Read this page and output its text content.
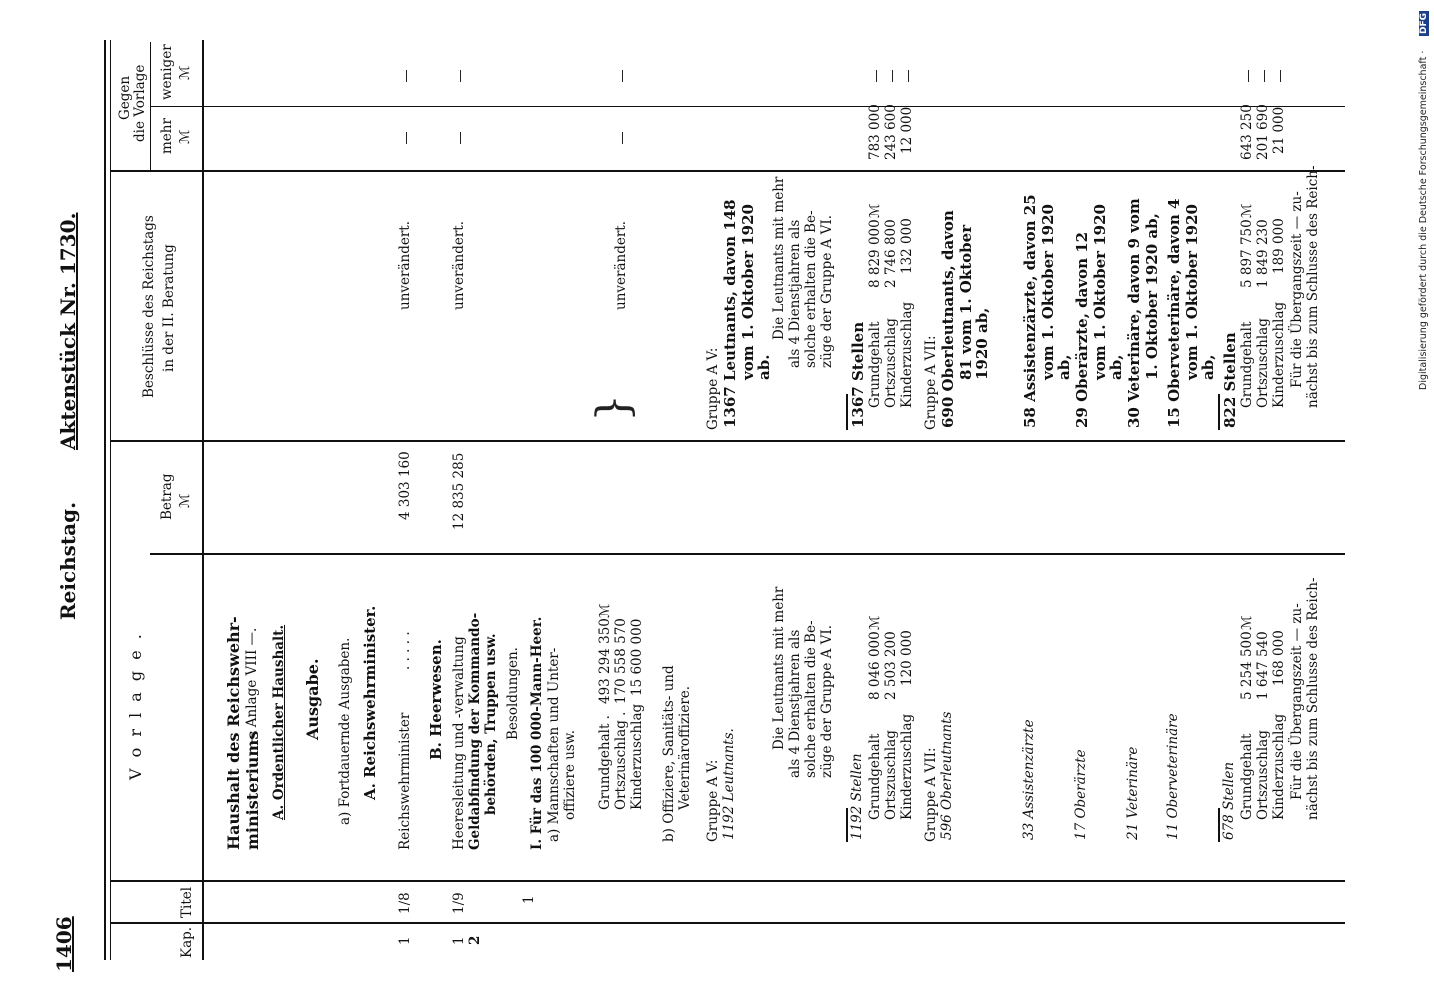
1406
Reichstag.
Aktenstück Nr. 1730.
Kap.
Titel
V o r l a g e .
Betrag ℳ
Beschlüsse des Reichstags in der II. Beratung
Gegen die Vorlage mehr ℳ
weniger ℳ
Haushalt des Reichswehr- ministeriums
— Anlage VIII —. A. Ordentlicher Haushalt. Ausgabe. a) Fortdauernde Ausgaben. A. Reichswehrminister.
1
1/8
Reichswehrminister
. . . . .
4 303 160
unverändert.
B. Heerwesen.
1 2
1/9
Heeresleitung und -verwaltung Geldabfindung der Kommando- behörden, Truppen usw.
12 835 285
unverändert.
Besoldungen.
1
I. Für das 100 000-Mann-Heer. a) Mannschaften und Unter- offiziere usw. Grundgehalt .
493 294 350
ℳ
Ortszuschlag .
170 558 570
Kinderzuschlag
15 600 000
}
unverändert.
b) Offiziere, Sanitäts- und Veterinäroffiziere. Gruppe A V: 1192 Leutnants.
Gruppe A V: 1367 Leutnants, davon 148 vom 1. Oktober 1920
ab.
Die Leutnants mit mehr als 4 Dienstjahren als solche erhalten die Be- züge der Gruppe A VI.
Die Leutnants mit mehr als 4 Dienstjahren als solche erhalten die Be- züge der Gruppe A VI.
1192 Stellen
1367 Stellen
Grundgehalt
8 046 000
ℳ
Ortszuschlag
2 503 200
Kinderzuschlag
120 000
Grundgehalt
8 829 000
ℳ
Ortszuschlag
2 746 800
Kinderzuschlag
132 000
783 000 243 600 12 000
Gruppe A VII: 596 Oberleutnants
Gruppe A VII: 690 Oberleutnants, davon 81 vom 1. Oktober
1920 ab,
33 Assistenzärzte
58 Assistenzärzte, davon 25 vom 1. Oktober 1920
ab,
17 Oberärzte
29 Oberärzte, davon 12 vom 1. Oktober 1920
ab,
21 Veterinäre
30 Veterinäre, davon 9 vom 1. Oktober 1920 ab,
11 Oberveterinäre
15 Oberveterinäre, davon 4 vom 1. Oktober 1920
ab,
678 Stellen
822 Stellen
Grundgehalt
5 254 500
ℳ
Ortszuschlag
1 647 540
Kinderzuschlag
168 000
Grundgehalt
5 897 750
ℳ
Ortszuschlag
1 849 230
Kinderzuschlag
189 000
643 250 201 690 21 000
Für die Übergangszeit — zu- nächst bis zum Schlusse des Reich-
Für die Übergangszeit — zu- nächst bis zum Schlusse des Reich-	Digitalisierung gefördert durch die Deutsche Forschungsgemeinschaft ·
DFG
